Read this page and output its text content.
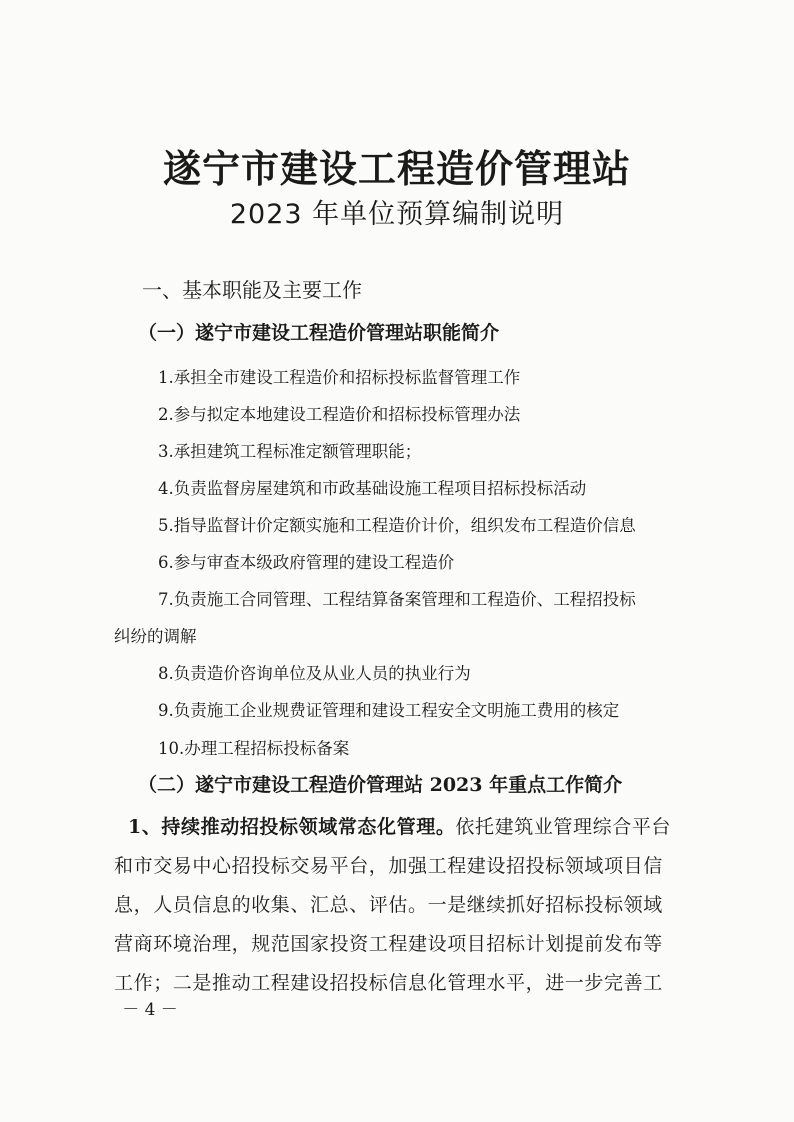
遂宁市建设工程造价管理站
2023 年单位预算编制说明
一、基本职能及主要工作
（一）遂宁市建设工程造价管理站职能简介
1.承担全市建设工程造价和招标投标监督管理工作
2.参与拟定本地建设工程造价和招标投标管理办法
3.承担建筑工程标准定额管理职能；
4.负责监督房屋建筑和市政基础设施工程项目招标投标活动
5.指导监督计价定额实施和工程造价计价，组织发布工程造价信息
6.参与审查本级政府管理的建设工程造价
7.负责施工合同管理、工程结算备案管理和工程造价、工程招投标
纠纷的调解
8.负责造价咨询单位及从业人员的执业行为
9.负责施工企业规费证管理和建设工程安全文明施工费用的核定
10.办理工程招标投标备案
（二）遂宁市建设工程造价管理站 2023 年重点工作简介
1、持续推动招投标领域常态化管理。依托建筑业管理综合平台
和市交易中心招投标交易平台，加强工程建设招投标领域项目信
息，人员信息的收集、汇总、评估。一是继续抓好招标投标领域
营商环境治理，规范国家投资工程建设项目招标计划提前发布等
工作；二是推动工程建设招投标信息化管理水平，进一步完善工
－ 4 －
